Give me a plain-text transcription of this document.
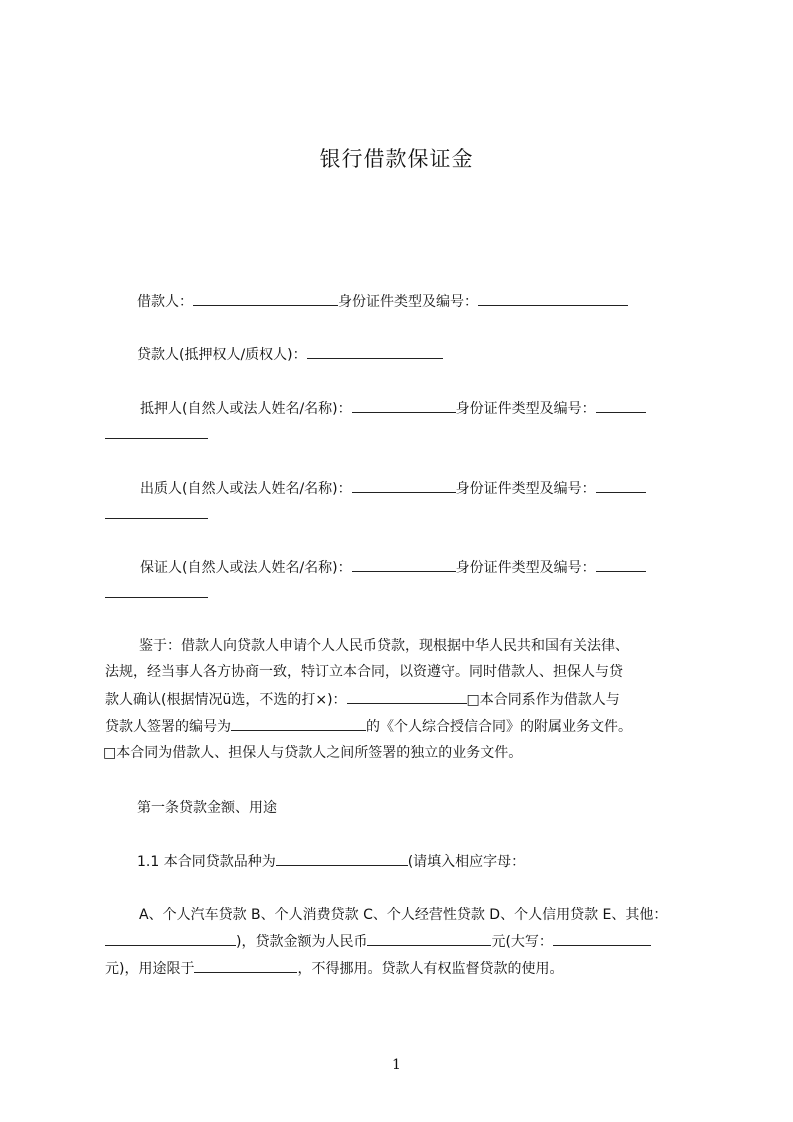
银行借款保证金
借款人：	身份证件类型及编号：
贷款人(抵押权人/质权人)：
抵押人(自然人或法人姓名/名称)：	身份证件类型及编号：
出质人(自然人或法人姓名/名称)：	身份证件类型及编号：
保证人(自然人或法人姓名/名称)：	身份证件类型及编号：
鉴于：借款人向贷款人申请个人人民币贷款，现根据中华人民共和国有关法律、
法规，经当事人各方协商一致，特订立本合同，以资遵守。同时借款人、担保人与贷
款人确认(根据情况ü选，不选的打×)：	□本合同系作为借款人与
贷款人签署的编号为	的《个人综合授信合同》的附属业务文件。
□本合同为借款人、担保人与贷款人之间所签署的独立的业务文件。
第一条贷款金额、用途
1.1 本合同贷款品种为	(请填入相应字母：
A、个人汽车贷款 B、个人消费贷款 C、个人经营性贷款 D、个人信用贷款 E、其他：
)，贷款金额为人民币	元(大写：
元)，用途限于	，不得挪用。贷款人有权监督贷款的使用。
1
